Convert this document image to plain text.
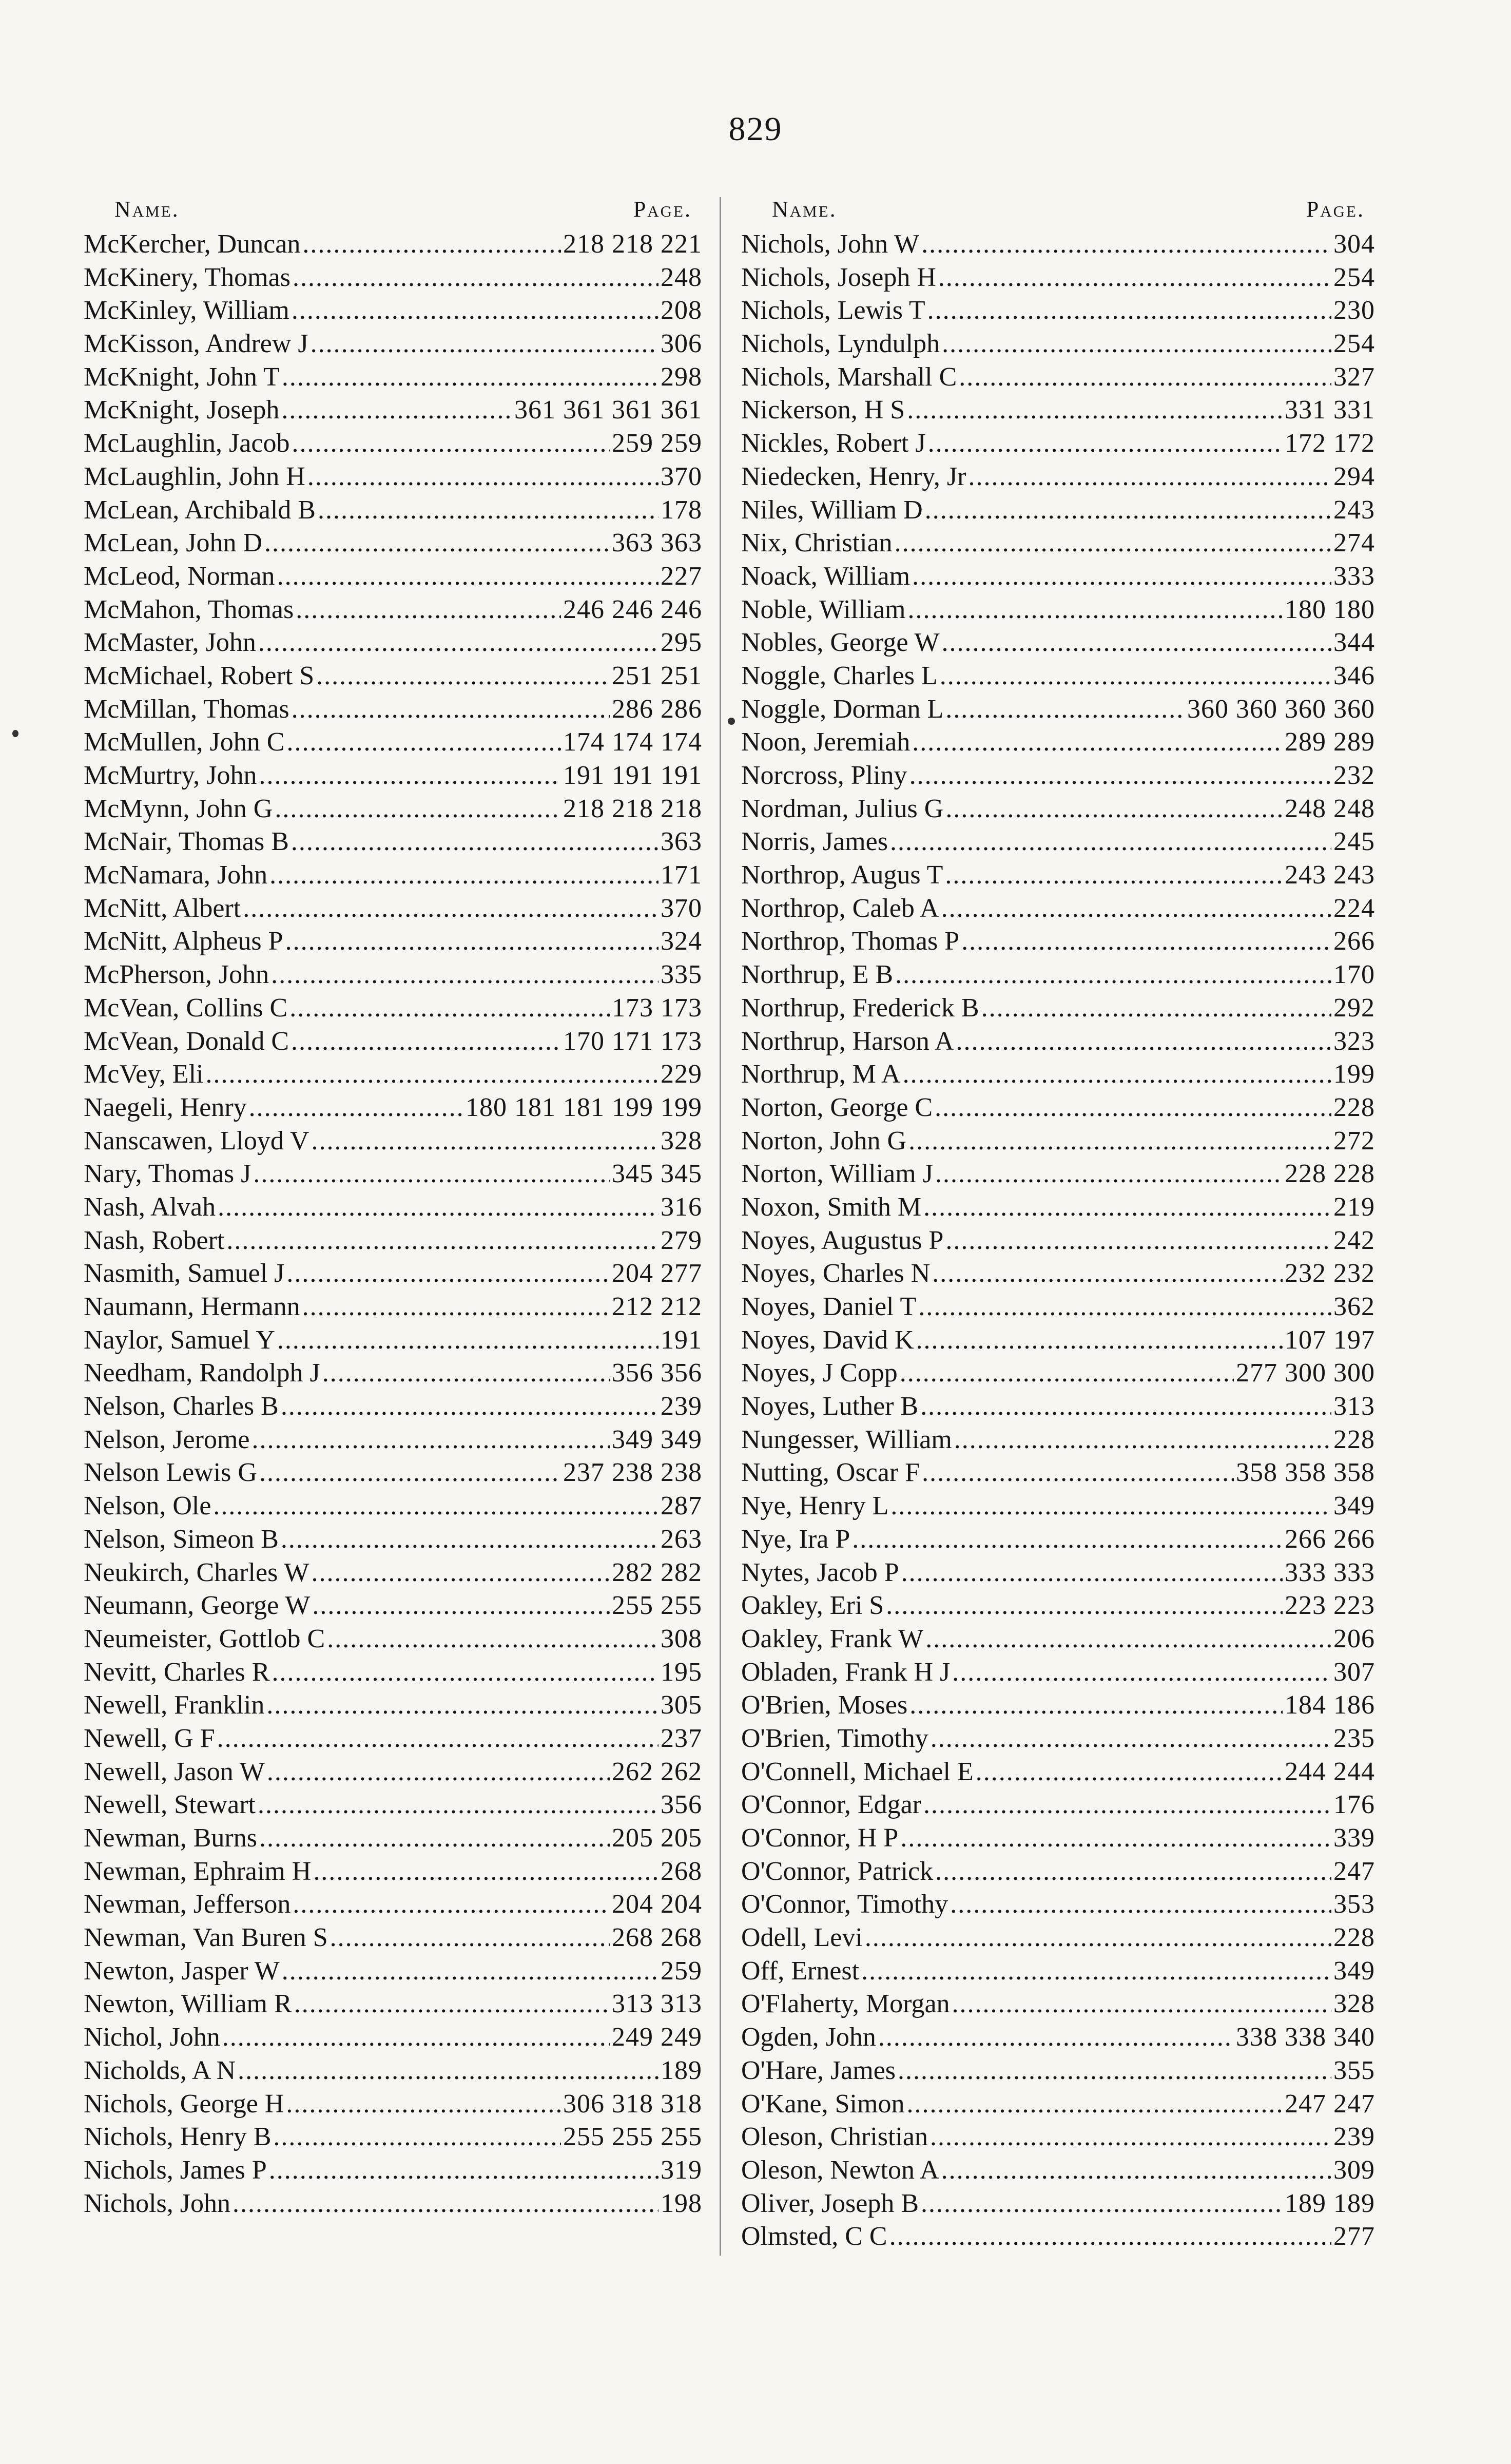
829
Name.	Page.
McKercher, Duncan .....	218 218 221
McKinery, Thomas .....	248
McKinley, William .....	208
McKisson, Andrew J .....	306
McKnight, John T .....	298
McKnight, Joseph .....	361 361 361 361
McLaughlin, Jacob .....	259 259
McLaughlin, John H .....	370
McLean, Archibald B .....	178
McLean, John D .....	363 363
McLeod, Norman .....	227
McMahon, Thomas .....	246 246 246
McMaster, John .....	295
McMichael, Robert S .....	251 251
McMillan, Thomas .....	286 286
McMullen, John C .....	174 174 174
McMurtry, John .....	191 191 191
McMynn, John G .....	218 218 218
McNair, Thomas B .....	363
McNamara, John .....	171
McNitt, Albert .....	370
McNitt, Alpheus P .....	324
McPherson, John .....	335
McVean, Collins C .....	173 173
McVean, Donald C .....	170 171 173
McVey, Eli .....	229
Naegeli, Henry .....	180 181 181 199 199
Nanscawen, Lloyd V .....	328
Nary, Thomas J .....	345 345
Nash, Alvah .....	316
Nash, Robert .....	279
Nasmith, Samuel J .....	204 277
Naumann, Hermann .....	212 212
Naylor, Samuel Y .....	191
Needham, Randolph J .....	356 356
Nelson, Charles B .....	239
Nelson, Jerome .....	349 349
Nelson Lewis G .....	237 238 238
Nelson, Ole .....	287
Nelson, Simeon B .....	263
Neukirch, Charles W .....	282 282
Neumann, George W .....	255 255
Neumeister, Gottlob C .....	308
Nevitt, Charles R .....	195
Newell, Franklin .....	305
Newell, G F .....	237
Newell, Jason W .....	262 262
Newell, Stewart .....	356
Newman, Burns .....	205 205
Newman, Ephraim H .....	268
Newman, Jefferson .....	204 204
Newman, Van Buren S .....	268 268
Newton, Jasper W .....	259
Newton, William R .....	313 313
Nichol, John .....	249 249
Nicholds, A N .....	189
Nichols, George H .....	306 318 318
Nichols, Henry B .....	255 255 255
Nichols, James P .....	319
Nichols, John .....	198
Name.	Page.
Nichols, John W .....	304
Nichols, Joseph H .....	254
Nichols, Lewis T .....	230
Nichols, Lyndulph .....	254
Nichols, Marshall C .....	327
Nickerson, H S .....	331 331
Nickles, Robert J .....	172 172
Niedecken, Henry, Jr .....	294
Niles, William D .....	243
Nix, Christian .....	274
Noack, William .....	333
Noble, William .....	180 180
Nobles, George W .....	344
Noggle, Charles L .....	346
Noggle, Dorman L .....	360 360 360 360
Noon, Jeremiah .....	289 289
Norcross, Pliny .....	232
Nordman, Julius G .....	248 248
Norris, James .....	245
Northrop, Augus T .....	243 243
Northrop, Caleb A .....	224
Northrop, Thomas P .....	266
Northrup, E B .....	170
Northrup, Frederick B .....	292
Northrup, Harson A .....	323
Northrup, M A .....	199
Norton, George C .....	228
Norton, John G .....	272
Norton, William J .....	228 228
Noxon, Smith M .....	219
Noyes, Augustus P .....	242
Noyes, Charles N .....	232 232
Noyes, Daniel T .....	362
Noyes, David K .....	107 197
Noyes, J Copp .....	277 300 300
Noyes, Luther B .....	313
Nungesser, William .....	228
Nutting, Oscar F .....	358 358 358
Nye, Henry L .....	349
Nye, Ira P .....	266 266
Nytes, Jacob P .....	333 333
Oakley, Eri S .....	223 223
Oakley, Frank W .....	206
Obladen, Frank H J .....	307
O'Brien, Moses .....	184 186
O'Brien, Timothy .....	235
O'Connell, Michael E .....	244 244
O'Connor, Edgar .....	176
O'Connor, H P .....	339
O'Connor, Patrick .....	247
O'Connor, Timothy .....	353
Odell, Levi .....	228
Off, Ernest .....	349
O'Flaherty, Morgan .....	328
Ogden, John .....	338 338 340
O'Hare, James .....	355
O'Kane, Simon .....	247 247
Oleson, Christian .....	239
Oleson, Newton A .....	309
Oliver, Joseph B .....	189 189
Olmsted, C C .....	277
